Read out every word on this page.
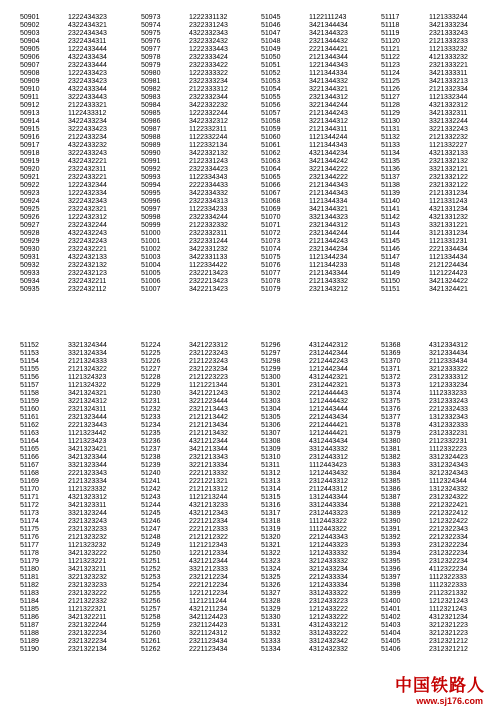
50901	1222434323
50902	4322434321
50903	2322434343
50904	2322434311
50905	1222433444
50906	4322433434
50907	2322433444
50908	1222433423
50909	2322433423
50910	4322433344
50911	3222433443
50912	2122433321
50913	1122433312
50914	3422433234
50915	3222433423
50916	2122433234
50917	4322433232
50918	3222433243
50919	4322432221
50920	2322432311
50921	2322433221
50922	1222432344
50923	1222432334
50924	3222432343
50925	2322432321
50926	1222432312
50927	2322432244
50928	4322432243
50929	2322432243
50930	2322432221
50931	4322432133
50932	2322432132
50933	2322432123
50934	2322432211
50935	2322432112
50973	1222331132
50974	2322331243
50975	4322332343
50976	2322332432
50977	1222333443
50978	2322333424
50979	2322333422
50980	1222333322
50981	2322333234
50982	2122333312
50983	2322332344
50984	3422332232
50985	1222332244
50986	3422332312
50987	1122332311
50988	1122332244
50989	1122332134
50990	3422332132
50991	2122331243
50992	2322334423
50993	1122334343
50994	2222334433
50995	3422334332
50996	2322334313
50997	1122334233
50998	2322334244
50999	2122332332
51000	2322332311
51001	2322331244
51002	3422331232
51003	3422331133
51004	1122334422
51005	2322213423
51006	2322213423
51007	3422213423
51045	1122111243
51046	3421344434
51047	3421344323
51048	2321344432
51049	2221344421
51050	2121344344
51051	1221344343
51052	1121344334
51053	3421344332
51054	3221344321
51055	2321344312
51056	3221344244
51057	2121344243
51058	3221344312
51059	2121344311
51060	1121344244
51061	1121344343
51062	4321344234
51063	3421344242
51064	3221344222
51065	2321344222
51066	2121344343
51067	2121344343
51068	1121344334
51069	3421344321
51070	3321344323
51071	2321344312
51072	2321344244
51073	2121344243
51074	2321344234
51075	1121344234
51076	1121344233
51077	2121343344
51078	2121343332
51079	2321343212
51117	1121333244
51118	3421333234
51119	2321333243
51120	2121333233
51121	1121333232
51122	4121333232
51123	2321333221
51124	3421333311
51125	3421333213
51126	2121332334
51127	1121332344
51128	4321332312
51129	3421332311
51130	3321332244
51131	3221332243
51132	2121332232
51133	1121332227
51134	4321332133
51135	2321332132
51136	3321332121
51137	2321332122
51138	2321332122
51139	2121331234
51140	1121331243
51141	4321331234
51142	4321331232
51143	3321331221
51144	3121331234
51145	1121331231
51146	2221334434
51147	1121334434
51148	2121224434
51149	1121224423
51150	3421324422
51151	3421324421
51152	3321324344
51153	3321324334
51154	2121324333
51155	2121324322
51156	1121324323
51157	1121324322
51158	3421324321
51159	3221324312
51160	2321324311
51161	2321323444
51162	2221323443
51163	1121323442
51164	1121323423
51165	3421323421
51166	3421323344
51167	3321323344
51168	2221323343
51169	2121323334
51170	1121323332
51171	4321323312
51172	3421323311
51173	3321323244
51174	2321323243
51175	2321323233
51176	2121323232
51177	1121323232
51178	3421323222
51179	1121323221
51180	3421323211
51181	3221323232
51182	2321323233
51183	2321323222
51184	2121322332
51185	1121322321
51186	3421322211
51187	2321322244
51188	2321322234
51189	2321322234
51190	2321322134
51224	3421223312
51225	2321223243
51226	2121223243
51227	2321223234
51228	2121223223
51229	1121221344
51230	3421221243
51231	3221223444
51232	2321213443
51233	2121213442
51234	2121213434
51235	2121213432
51236	4321212344
51237	3421213344
51238	2321213343
51239	3221213334
51240	2221213332
51241	2221221321
51242	2121213312
51243	1121213244
51244	4321213233
51245	4321212343
51246	2221212334
51247	2221212333
51248	2121212322
51249	1121212343
51250	1221212334
51251	4321212344
51252	3321212333
51253	2321212234
51254	2221212234
51255	1221212234
51256	1121211244
51257	4321211234
51258	3421124423
51259	2321124423
51260	3221124312
51261	2321123434
51262	2221123434
51296	4312442312
51297	2312442344
51298	2212442243
51299	1212442344
51300	4312442321
51301	2312442321
51302	2212444443
51303	1212444432
51304	1212443444
51305	2212443434
51306	2212444421
51307	1212444421
51308	4312443434
51309	3312443332
51310	2312443312
51311	1112443423
51312	1212443432
51313	2312443312
51314	2112443312
51315	1312443344
51316	3312443334
51317	2312443323
51318	1112443322
51319	1112443322
51320	2212443343
51321	1212443323
51322	1212433332
51323	3212433332
51324	3212433234
51325	2212433334
51326	1212433334
51327	3312433322
51328	2312433223
51329	1212433222
51330	1212433222
51331	4312433212
51332	3312433222
51333	3312432342
51334	4312432332
51368	4312334312
51369	3212334434
51370	2112333434
51371	3212333322
51372	2312333312
51373	1212333234
51374	1112333233
51375	2312333243
51376	2212332433
51377	1312332343
51378	4312332333
51379	2312332231
51380	2112332231
51381	1112332223
51382	3312324423
51383	3312324343
51384	3212324343
51385	1112324344
51386	1312324332
51387	2312324322
51388	2212322421
51389	2212322412
51390	1212322422
51391	2212322343
51392	2212322334
51393	2312322234
51394	2312322234
51395	2312322234
51396	4112322234
51397	1112322333
51398	1112322333
51399	2112321332
51400	1212321243
51401	1112321243
51402	4312321234
51403	3212321223
51404	3212321223
51405	2312321212
51406	2312321212
中国铁路人
www.sj176.com
